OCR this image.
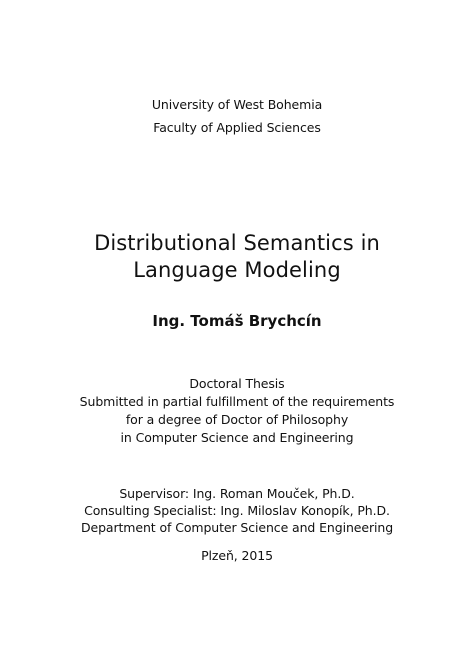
University of West Bohemia
Faculty of Applied Sciences
Distributional Semantics in
Language Modeling
Ing. Tomáš Brychcín
Doctoral Thesis
Submitted in partial fulfillment of the requirements
for a degree of Doctor of Philosophy
in Computer Science and Engineering
Supervisor: Ing. Roman Mouček, Ph.D.
Consulting Specialist: Ing. Miloslav Konopík, Ph.D.
Department of Computer Science and Engineering
Plzeň, 2015
